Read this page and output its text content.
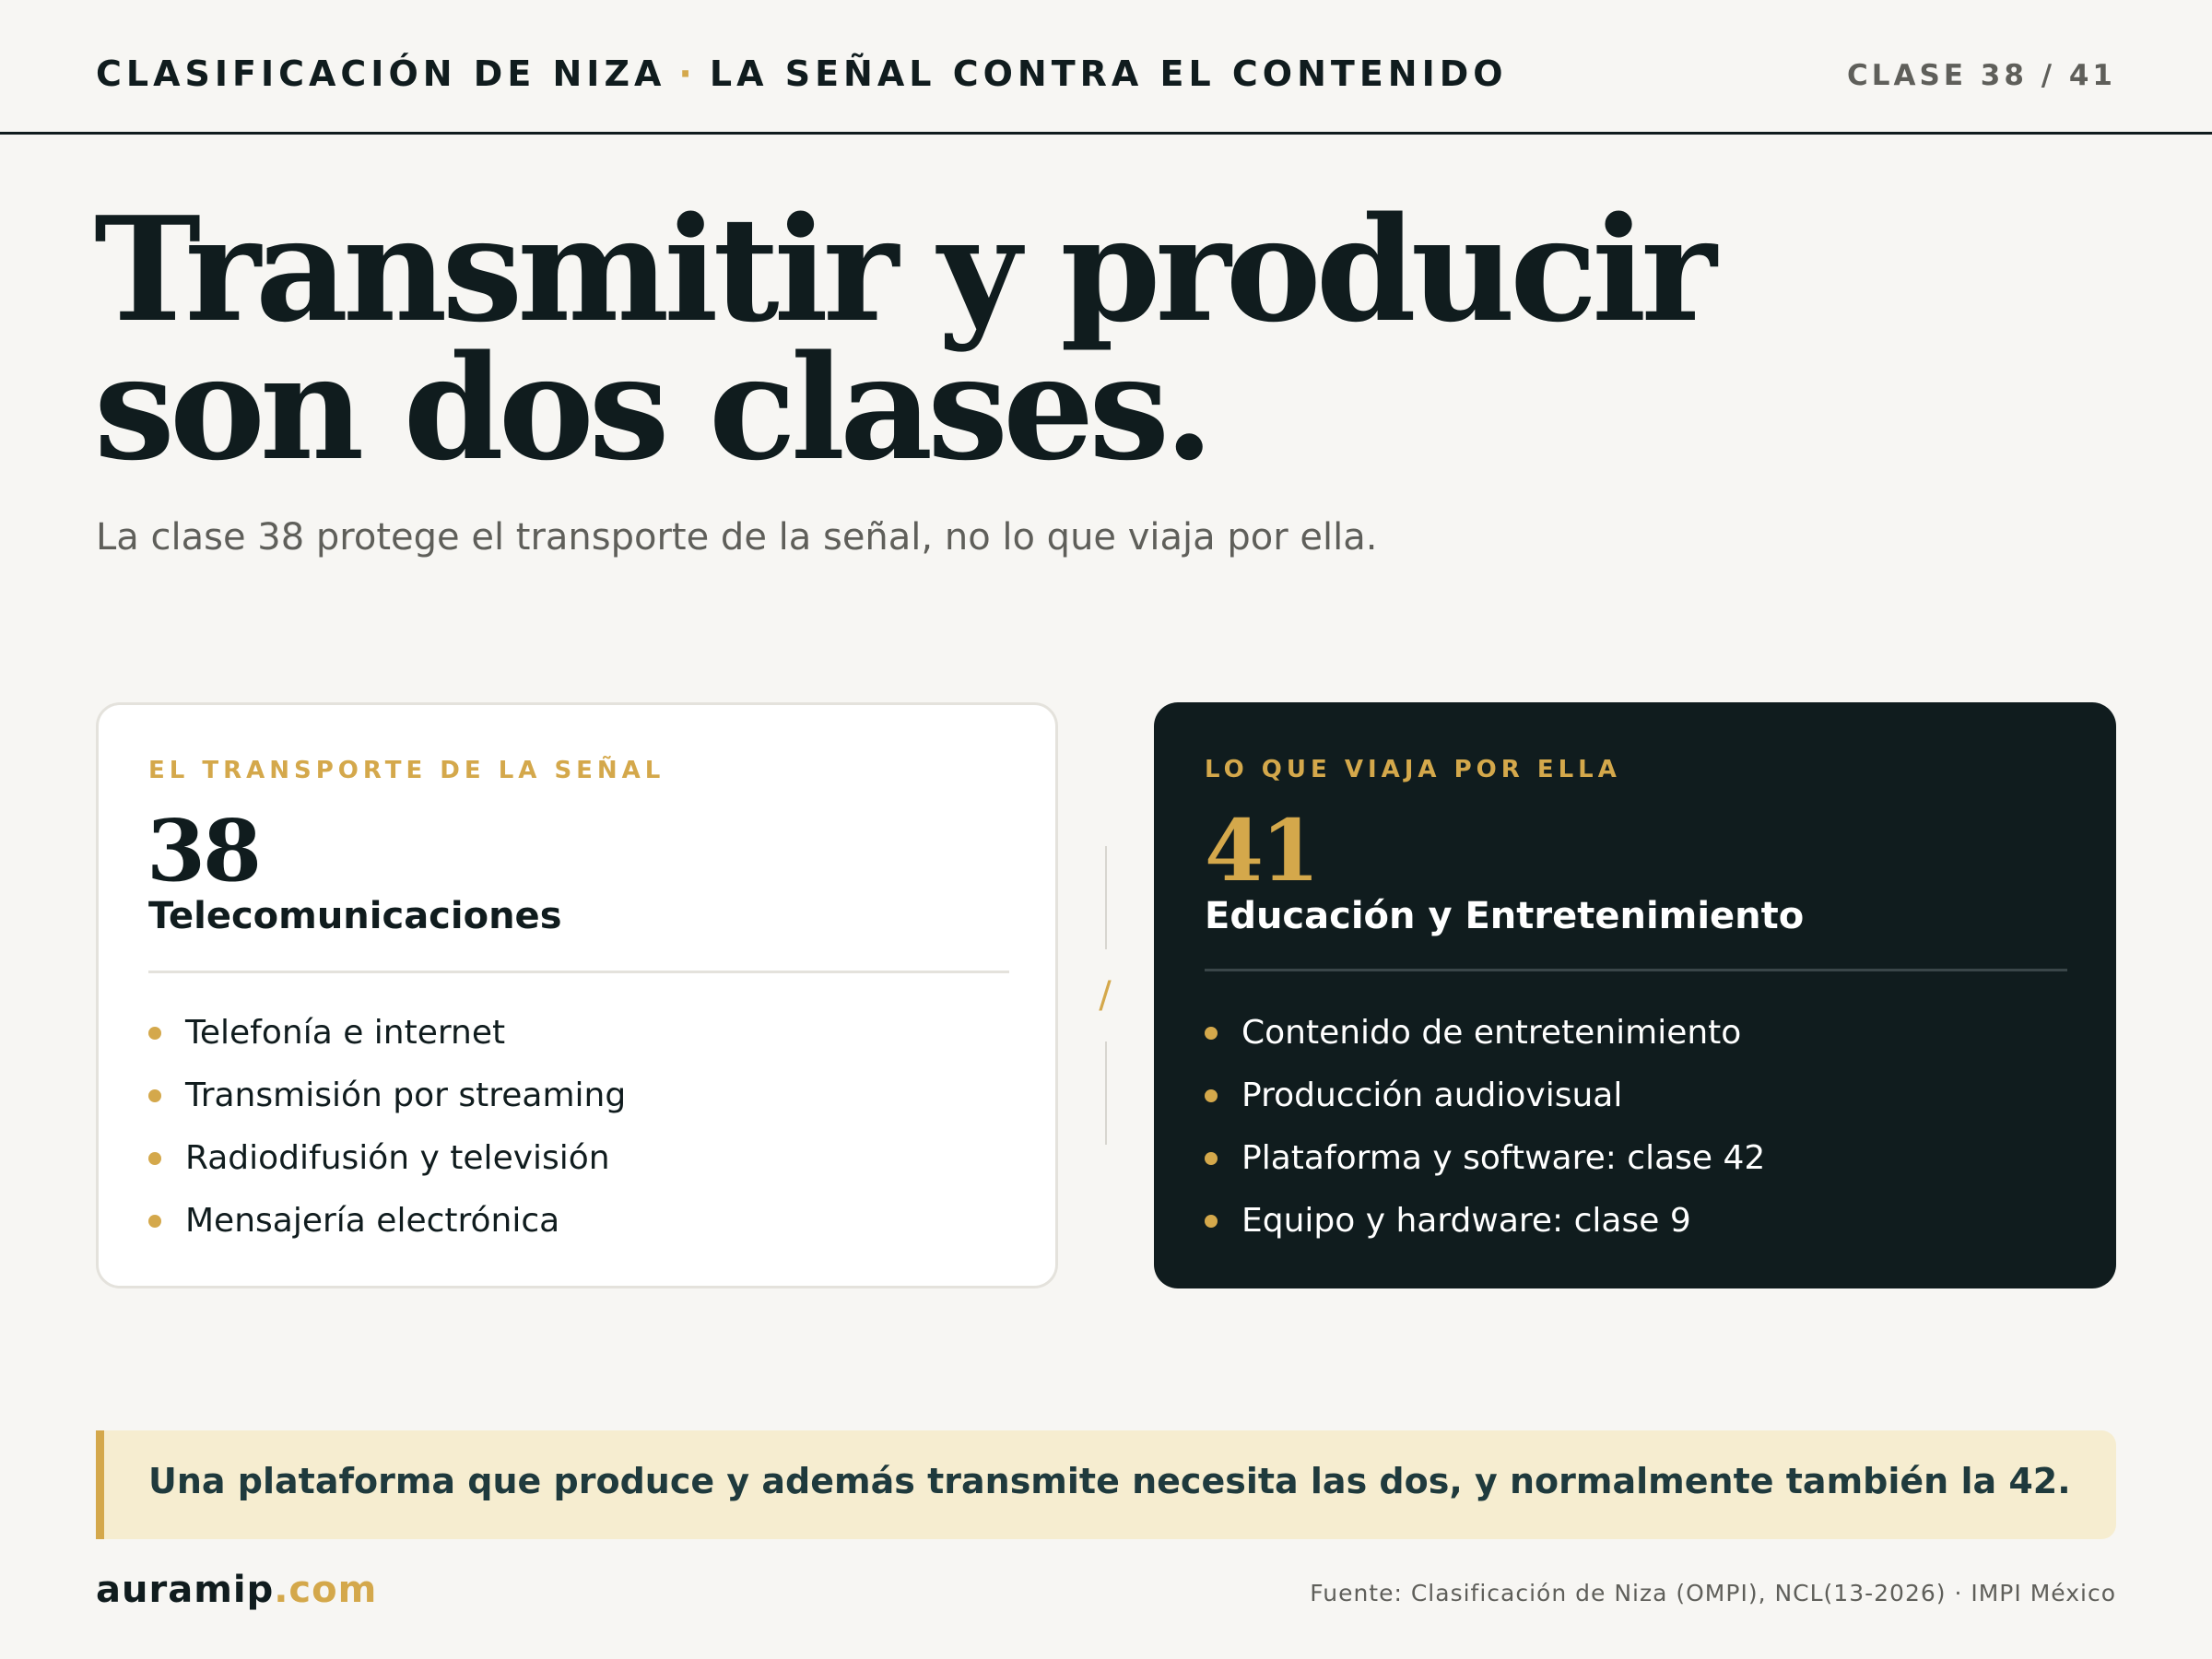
CLASIFICACIÓN DE NIZA · LA SEÑAL CONTRA EL CONTENIDO	CLASE 38 / 41
Transmitir y producir
son dos clases.
La clase 38 protege el transporte de la señal, no lo que viaja por ella.
EL TRANSPORTE DE LA SEÑAL
38
Telecomunicaciones
Telefonía e internet
Transmisión por streaming
Radiodifusión y televisión
Mensajería electrónica
/
LO QUE VIAJA POR ELLA
41
Educación y Entretenimiento
Contenido de entretenimiento
Producción audiovisual
Plataforma y software: clase 42
Equipo y hardware: clase 9
Una plataforma que produce y además transmite necesita las dos, y normalmente también la 42.
auramip.com	Fuente: Clasificación de Niza (OMPI), NCL(13-2026) · IMPI México
